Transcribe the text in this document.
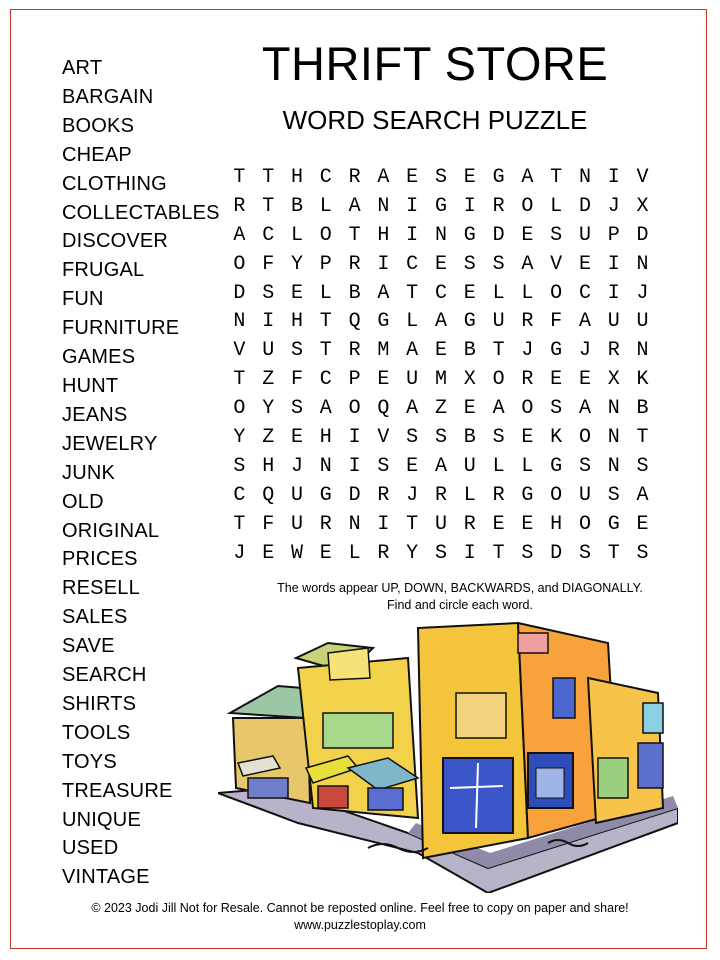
ART
BARGAIN
BOOKS
CHEAP
CLOTHING
COLLECTABLES
DISCOVER
FRUGAL
FUN
FURNITURE
GAMES
HUNT
JEANS
JEWELRY
JUNK
OLD
ORIGINAL
PRICES
RESELL
SALES
SAVE
SEARCH
SHIRTS
TOOLS
TOYS
TREASURE
UNIQUE
USED
VINTAGE
THRIFT STORE
WORD SEARCH PUZZLE
T T H C R A E S E G A T N I V
R T B L A N I G I R O L D J X
A C L O T H I N G D E S U P D
O F Y P R I C E S S A V E I N
D S E L B A T C E L L O C I J
N I H T Q G L A G U R F A U U
V U S T R M A E B T J G J R N
T Z F C P E U M X O R E E X K
O Y S A O Q A Z E A O S A N B
Y Z E H I V S S B S E K O N T
S H J N I S E A U L L G S N S
C Q U G D R J R L R G O U S A
T F U R N I T U R E E H O G E
J E W E L R Y S I T S D S T S
The words appear UP, DOWN, BACKWARDS, and DIAGONALLY.
Find and circle each word.
© 2023 Jodi Jill Not for Resale. Cannot be reposted online. Feel free to copy on paper and share!
www.puzzlestoplay.com
